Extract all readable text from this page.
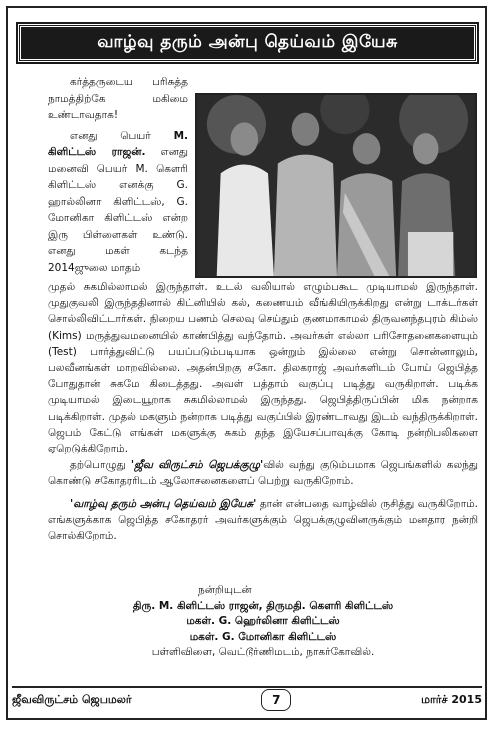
வாழ்வு தரும் அன்பு தெய்வம் இயேசு

கர்த்தருடைய பரிசுத்த நாமத்திற்கே மகிமை உண்டாவதாக!

எனது பெயர் M. கிளிட்டஸ் ராஜன். எனது மனைவி பெயர் M. கௌரி கிளிட்டஸ் எனக்கு G. ஹால்லினா கிளிட்டஸ், G. மோனிகா கிளிட்டஸ் என்ற இரு பிள்ளைகள் உண்டு. எனது மகள் கடந்த 2014ஜுலை மாதம்

முதல் சுகமில்லாமல் இருந்தாள். உடல் வலியால் எழும்பகூட முடியாமல் இருந்தாள். முதுகுவலி இருந்ததினால் கிட்னியில் கல், கணையம் வீங்கியிருக்கிறது என்று டாக்டர்கள் சொல்லிவிட்டார்கள். நிறைய பணம் செலவு செய்தும் குணமாகாமல் திருவனந்தபுரம் கிம்ஸ் (Kims) மருத்துவமனையில் காண்பித்து வந்தோம். அவர்கள் எல்லா பரிசோதனைகளையும் (Test) பார்த்துவிட்டு பயப்படும்படியாக ஒன்றும் இல்லை என்று சொன்னாலும், பலவீனங்கள் மாறவில்லை. அதன்பிறகு சகோ. திலகராஜ் அவர்களிடம் போய் ஜெபித்த போதுதான் சுகமே கிடைத்தது. அவள் பத்தாம் வகுப்பு படித்து வருகிறாள். படிக்க முடியாமல் இடையூறாக சுகமில்லாமல் இருந்தது. ஜெபித்திருப்பின் மிக நன்றாக படிக்கிறாள். முதல் மகளும் நன்றாக படித்து வகுப்பில் இரண்டாவது இடம் வந்திருக்கிறாள். ஜெபம் கேட்டு எங்கள் மகளுக்கு சுகம் தந்த இயேசப்பாவுக்கு கோடி நன்றிபலிகளை ஏறெடுக்கிறோம்.

தற்பொழுது 'ஜீவ விருட்சம் ஜெபக்குழு'வில் வந்து குடும்பமாக ஜெபங்களில் கலந்து கொண்டு சகோதரரிடம் ஆலோசனைகளைப் பெற்று வருகிறோம்.

'வாழ்வு தரும் அன்பு தெய்வம் இயேசு' தான் என்பதை வாழ்வில் ருசித்து வருகிறோம். எங்களுக்காக ஜெபித்த சகோதரர் அவர்களுக்கும் ஜெபக்குழுவினருக்கும் மனதார நன்றி சொல்கிறோம்.

நன்றியுடன்
திரு. M. கிளிட்டஸ் ராஜன், திருமதி. கௌரி கிளிட்டஸ்
மகள். G. ஹெர்லினா கிளிட்டஸ்
மகள். G. மோனிகா கிளிட்டஸ்
பள்ளிவிளை, வெட்டூர்ணிமடம், நாகர்கோவில்.
ஜீவவிருட்சம் ஜெபமலர்	7	மார்ச் 2015
